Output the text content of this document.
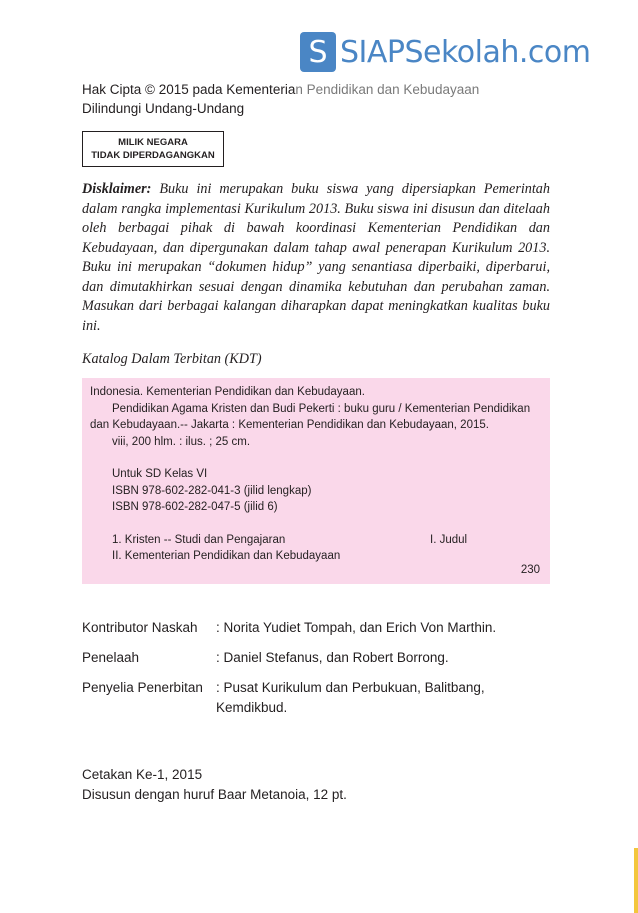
S SIAPSekolah.com
Hak Cipta © 2015 pada Kementerian Pendidikan dan Kebudayaan
Dilindungi Undang-Undang
MILIK NEGARA
TIDAK DIPERDAGANGKAN
Disklaimer: Buku ini merupakan buku siswa yang dipersiapkan Pemerintah dalam rangka implementasi Kurikulum 2013. Buku siswa ini disusun dan ditelaah oleh berbagai pihak di bawah koordinasi Kementerian Pendidikan dan Kebudayaan, dan dipergunakan dalam tahap awal penerapan Kurikulum 2013. Buku ini merupakan “dokumen hidup” yang senantiasa diperbaiki, diperbarui, dan dimutakhirkan sesuai dengan dinamika kebutuhan dan perubahan zaman. Masukan dari berbagai kalangan diharapkan dapat meningkatkan kualitas buku ini.
Katalog Dalam Terbitan (KDT)
Indonesia. Kementerian Pendidikan dan Kebudayaan.
Pendidikan Agama Kristen dan Budi Pekerti : buku guru / Kementerian Pendidikan
dan Kebudayaan.-- Jakarta : Kementerian Pendidikan dan Kebudayaan, 2015.
viii, 200 hlm. : ilus. ; 25 cm.
Untuk SD Kelas VI
ISBN 978-602-282-041-3 (jilid lengkap)
ISBN 978-602-282-047-5 (jilid 6)
1. Kristen -- Studi dan Pengajaran	I. Judul
II. Kementerian Pendidikan dan Kebudayaan
230
Kontributor Naskah	: Norita Yudiet Tompah, dan Erich Von Marthin.
Penelaah	: Daniel Stefanus, dan Robert Borrong.
Penyelia Penerbitan : Pusat Kurikulum dan Perbukuan, Balitbang, Kemdikbud.
Cetakan Ke-1, 2015
Disusun dengan huruf Baar Metanoia, 12 pt.
